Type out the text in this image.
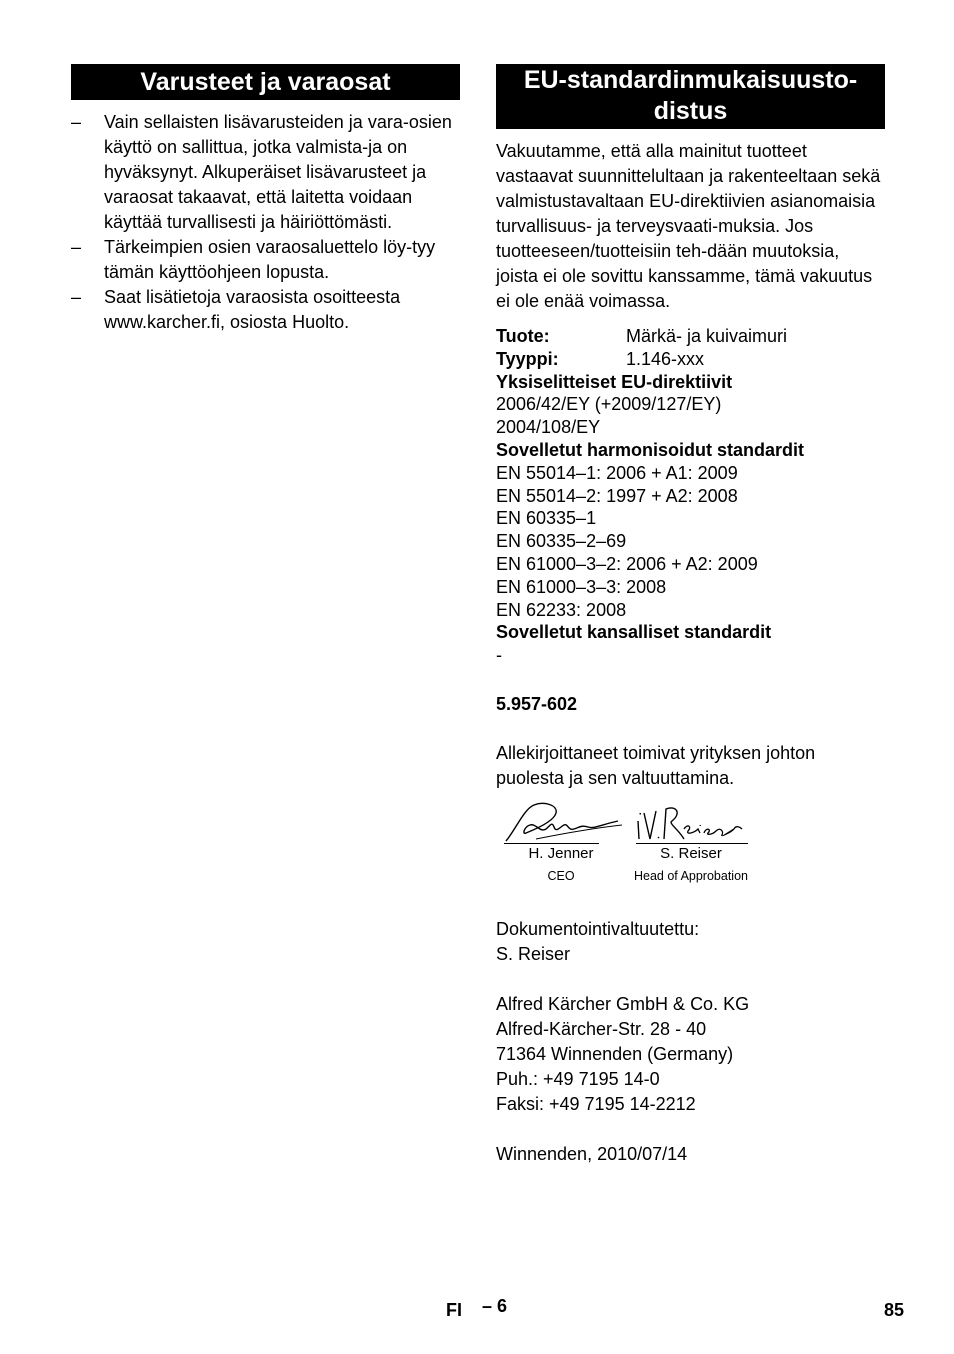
Varusteet ja varaosat
– Vain sellaisten lisävarusteiden ja vara-osien käyttö on sallittua, jotka valmista-ja on hyväksynyt. Alkuperäiset lisävarusteet ja varaosat takaavat, että laitetta voidaan käyttää turvallisesti ja häiriöttömästi.
– Tärkeimpien osien varaosaluettelo löy-tyy tämän käyttöohjeen lopusta.
– Saat lisätietoja varaosista osoitteesta www.karcher.fi, osiosta Huolto.
EU-standardinmukaisuusto-
distus

Vakuutamme, että alla mainitut tuotteet vastaavat suunnittelultaan ja rakenteeltaan sekä valmistustavaltaan EU-direktiivien asianomaisia turvallisuus- ja terveysvaati-muksia. Jos tuotteeseen/tuotteisiin teh-dään muutoksia, joista ei ole sovittu kanssamme, tämä vakuutus ei ole enää voimassa.

Tuote:	Märkä- ja kuivaimuri
Tyyppi:	1.146-xxx
Yksiselitteiset EU-direktiivit
2006/42/EY (+2009/127/EY)
2004/108/EY
Sovelletut harmonisoidut standardit
EN 55014–1: 2006 + A1: 2009
EN 55014–2: 1997 + A2: 2008
EN 60335–1
EN 60335–2–69
EN 61000–3–2: 2006 + A2: 2009
EN 61000–3–3: 2008
EN 62233: 2008
Sovelletut kansalliset standardit
-
5.957-602

Allekirjoittaneet toimivat yrityksen johton puolesta ja sen valtuuttamina.

H. Jenner
CEO
S. Reiser
Head of Approbation

Dokumentointivaltuutettu:

S. Reiser

Alfred Kärcher GmbH & Co. KG

Alfred-Kärcher-Str. 28 - 40

71364 Winnenden (Germany)

Puh.: +49 7195 14-0

Faksi: +49 7195 14-2212

Winnenden, 2010/07/14

FI – 6	85
